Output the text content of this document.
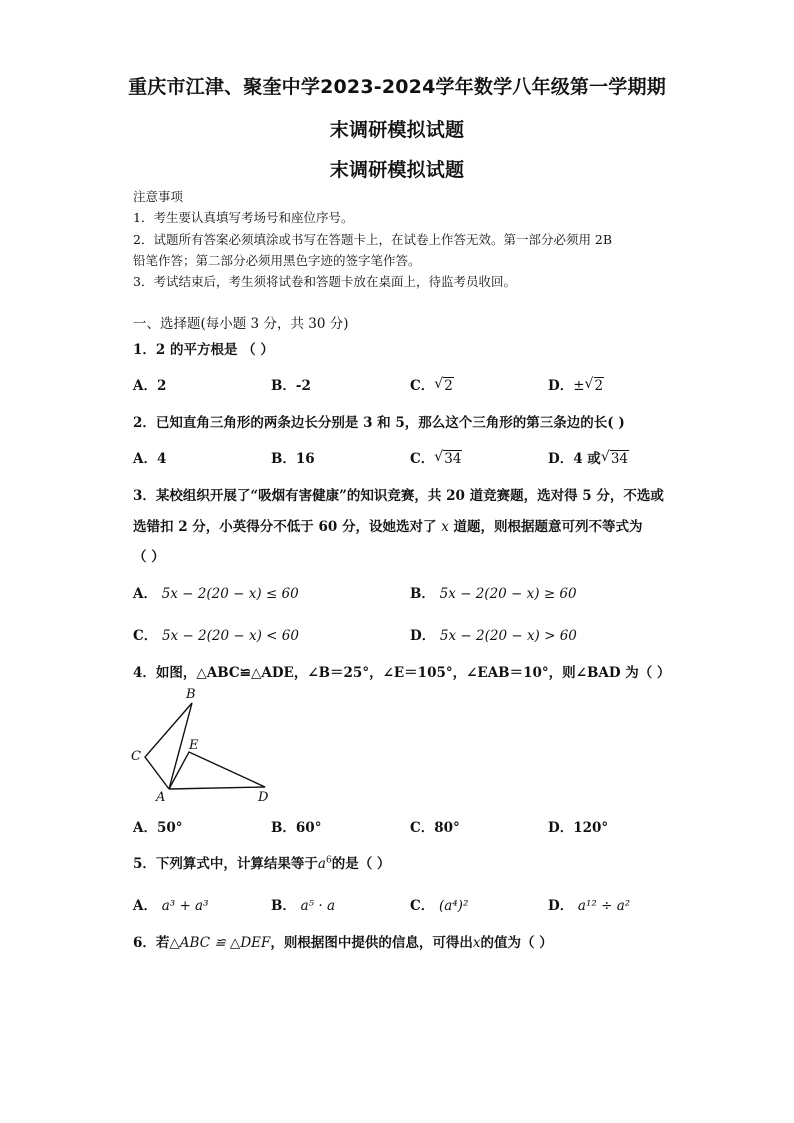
重庆市江津、聚奎中学2023-2024学年数学八年级第一学期期
末调研模拟试题
末调研模拟试题
注意事项
1．考生要认真填写考场号和座位序号。
2．试题所有答案必须填涂或书写在答题卡上，在试卷上作答无效。第一部分必须用 2B
铅笔作答；第二部分必须用黑色字迹的签字笔作答。
3．考试结束后，考生须将试卷和答题卡放在桌面上，待监考员收回。
一、选择题(每小题 3 分，共 30 分)
1．2 的平方根是 （ ）
A．2	B．-2	C． √ 2	D．± √ 2
2．已知直角三角形的两条边长分别是 3 和 5，那么这个三角形的第三条边的长( )
A．4	B．16	C． √ 34	D．4 或 √ 34
3．某校组织开展了“吸烟有害健康”的知识竞赛，共 20 道竞赛题，选对得 5 分，不选或
选错扣 2 分，小英得分不低于 60 分，设她选对了 x 道题，则根据题意可列不等式为
（ ）
A． 5x − 2(20 − x) ≤ 60	B． 5x − 2(20 − x) ≥ 60
C． 5x − 2(20 − x) < 60	D． 5x − 2(20 − x) > 60
4．如图，△ABC≌△ADE，∠B＝25°，∠E＝105°，∠EAB＝10°，则∠BAD 为（ ）
B
C
E
A	D
A．50°	B．60°	C．80°	D．120°
5．下列算式中，计算结果等于$a^6$的是（ ）
A． a³ + a³	B． a⁵ · a	C． (a⁴)²	D． a¹² ÷ a²
6．若△ABC ≌ △DEF，则根据图中提供的信息，可得出x的值为（ ）
